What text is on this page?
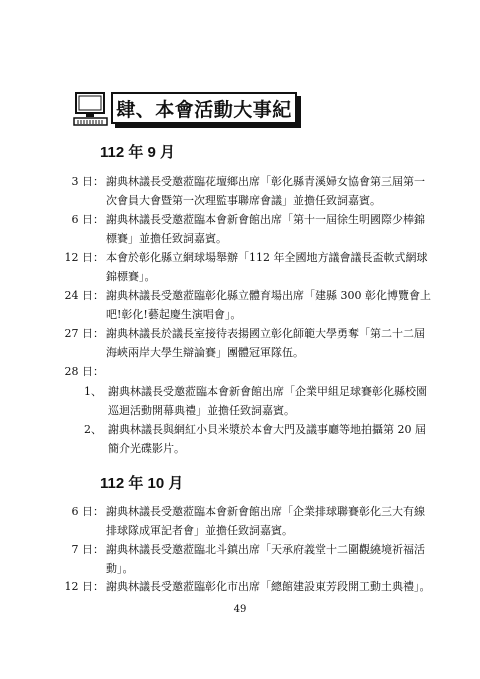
肆、本會活動大事紀
112 年 9 月
3 日： 謝典林議長受邀蒞臨花壇鄉出席「彰化縣青溪婦女協會第三屆第一次會員大會暨第一次理監事聯席會議」並擔任致詞嘉賓。
6 日： 謝典林議長受邀蒞臨本會新會館出席「第十一屆徐生明國際少棒錦標賽」並擔任致詞嘉賓。
12 日： 本會於彰化縣立網球場舉辦「112 年全國地方議會議長盃軟式網球錦標賽」。
24 日： 謝典林議長受邀蒞臨彰化縣立體育場出席「建縣 300 彰化博覽會上吧!彰化!藝起慶生演唱會」。
27 日： 謝典林議長於議長室接待表揚國立彰化師範大學勇奪「第二十二屆海峽兩岸大學生辯論賽」團體冠軍隊伍。
28 日：
1、 謝典林議長受邀蒞臨本會新會館出席「企業甲組足球賽彰化縣校園巡迴活動開幕典禮」並擔任致詞嘉賓。
2、 謝典林議長與網紅小貝米漿於本會大門及議事廳等地拍攝第 20 屆簡介光碟影片。
112 年 10 月
6 日： 謝典林議長受邀蒞臨本會新會館出席「企業排球聯賽彰化三大有線排球隊成軍記者會」並擔任致詞嘉賓。
7 日： 謝典林議長受邀蒞臨北斗鎮出席「天承府義堂十二圍觀繞境祈福活動」。
12 日： 謝典林議長受邀蒞臨彰化市出席「總館建設東芳段開工動土典禮」。
49
